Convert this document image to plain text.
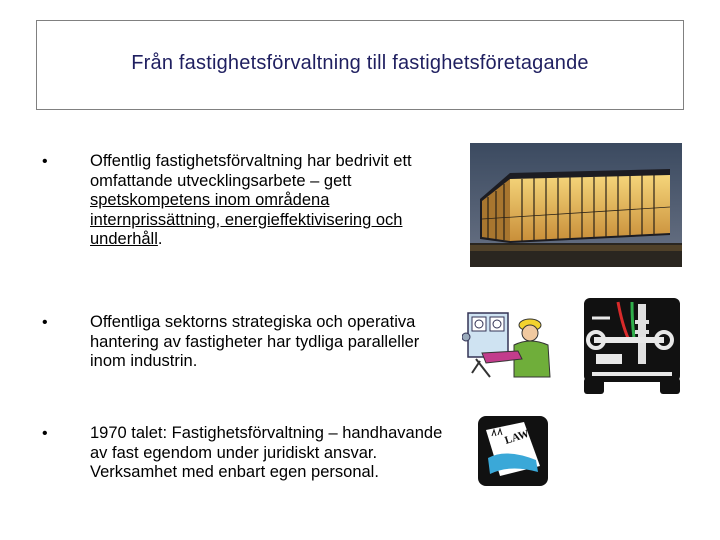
Från fastighetsförvaltning till fastighetsföretagande
•	Offentlig fastighetsförvaltning har bedrivit ett omfattande utvecklingsarbete – gett spetskompetens inom områdena internprissättning, energieffektivisering och underhåll.
•	Offentliga sektorns strategiska och operativa hantering av fastigheter har tydliga paralleller inom industrin.
•	1970 talet: Fastighetsförvaltning – handhavande av fast egendom under juridiskt ansvar. Verksamhet med enbart egen personal.
LAW
